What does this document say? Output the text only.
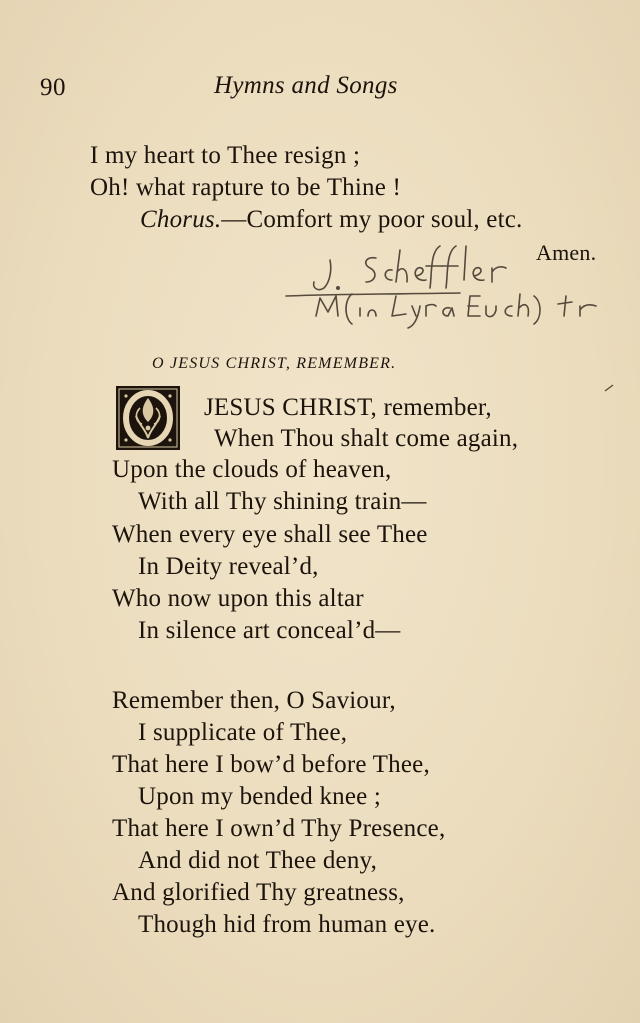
90	Hymns and Songs
I my heart to Thee resign ;
Oh! what rapture to be Thine !
Chorus.—Comfort my poor soul, etc.
Amen.
O JESUS CHRIST, REMEMBER.
JESUS CHRIST, remember,
When Thou shalt come again,
Upon the clouds of heaven,
With all Thy shining train—
When every eye shall see Thee
In Deity reveal’d,
Who now upon this altar
In silence art conceal’d—
Remember then, O Saviour,
I supplicate of Thee,
That here I bow’d before Thee,
Upon my bended knee ;
That here I own’d Thy Presence,
And did not Thee deny,
And glorified Thy greatness,
Though hid from human eye.
